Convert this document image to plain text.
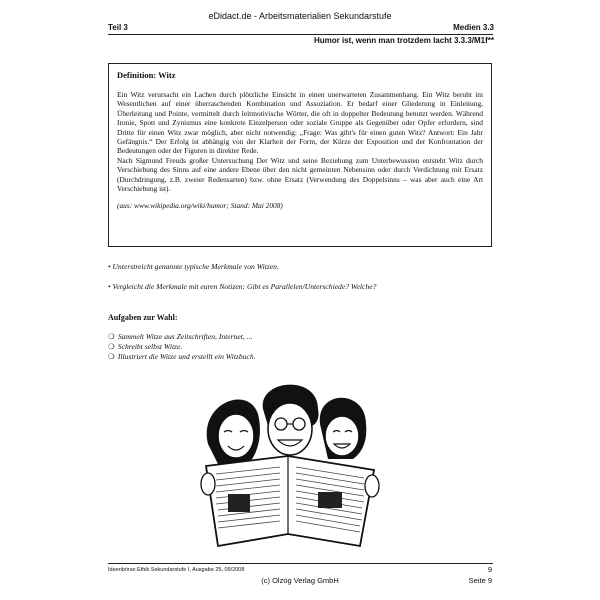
eDidact.de - Arbeitsmaterialien Sekundarstufe
Teil 3	Medien 3.3
Humor ist, wenn man trotzdem lacht 3.3.3/M1f**
Definition: Witz

Ein Witz verursacht ein Lachen durch plötzliche Einsicht in einen unerwarteten Zusammenhang. Ein Witz beruht im Wesentlichen auf einer überraschenden Kombination und Assoziation. Er bedarf einer Gliederung in Einleitung, Überleitung und Pointe, vermittelt durch leitmotivische Wörter, die oft in doppelter Bedeutung benutzt werden. Während Ironie, Spott und Zynismus eine konkrete Einzelperson oder soziale Gruppe als Gegenüber oder Opfer erfordern, sind Dritte für einen Witz zwar möglich, aber nicht notwendig: „Frage: Was gibt's für einen guten Witz? Antwort: Ein Jahr Gefängnis.“ Der Erfolg ist abhängig von der Klarheit der Form, der Kürze der Exposition und der Konfrontation der Bedeutungen oder der Figuren in direkter Rede.

Nach Sigmund Freuds großer Untersuchung Der Witz und seine Beziehung zum Unterbewussten entsteht Witz durch Verschiebung des Sinns auf eine andere Ebene über den nicht gemeinten Nebensinn oder durch Verdichtung mit Ersatz (Durchdringung, z.B. zweier Redensarten) bzw. ohne Ersatz (Verwendung des Doppelsinns – was aber auch eine Art Verschiebung ist).

(aus: www.wikipedia.org/wiki/humor; Stand: Mai 2008)
• Unterstreicht genannte typische Merkmale von Witzen.
• Vergleicht die Merkmale mit euren Notizen: Gibt es Parallelen/Unterschiede? Welche?
Aufgaben zur Wahl:
❍ Sammelt Witze aus Zeitschriften, Internet, ...
❍ Schreibt selbst Witze.
❍ Illustriert die Witze und erstellt ein Witzbuch.
Ideenbörse Ethik Sekundarstufe I, Ausgabe 25, 09/2008	9
(c) Olzog Verlag GmbH	Seite 9
